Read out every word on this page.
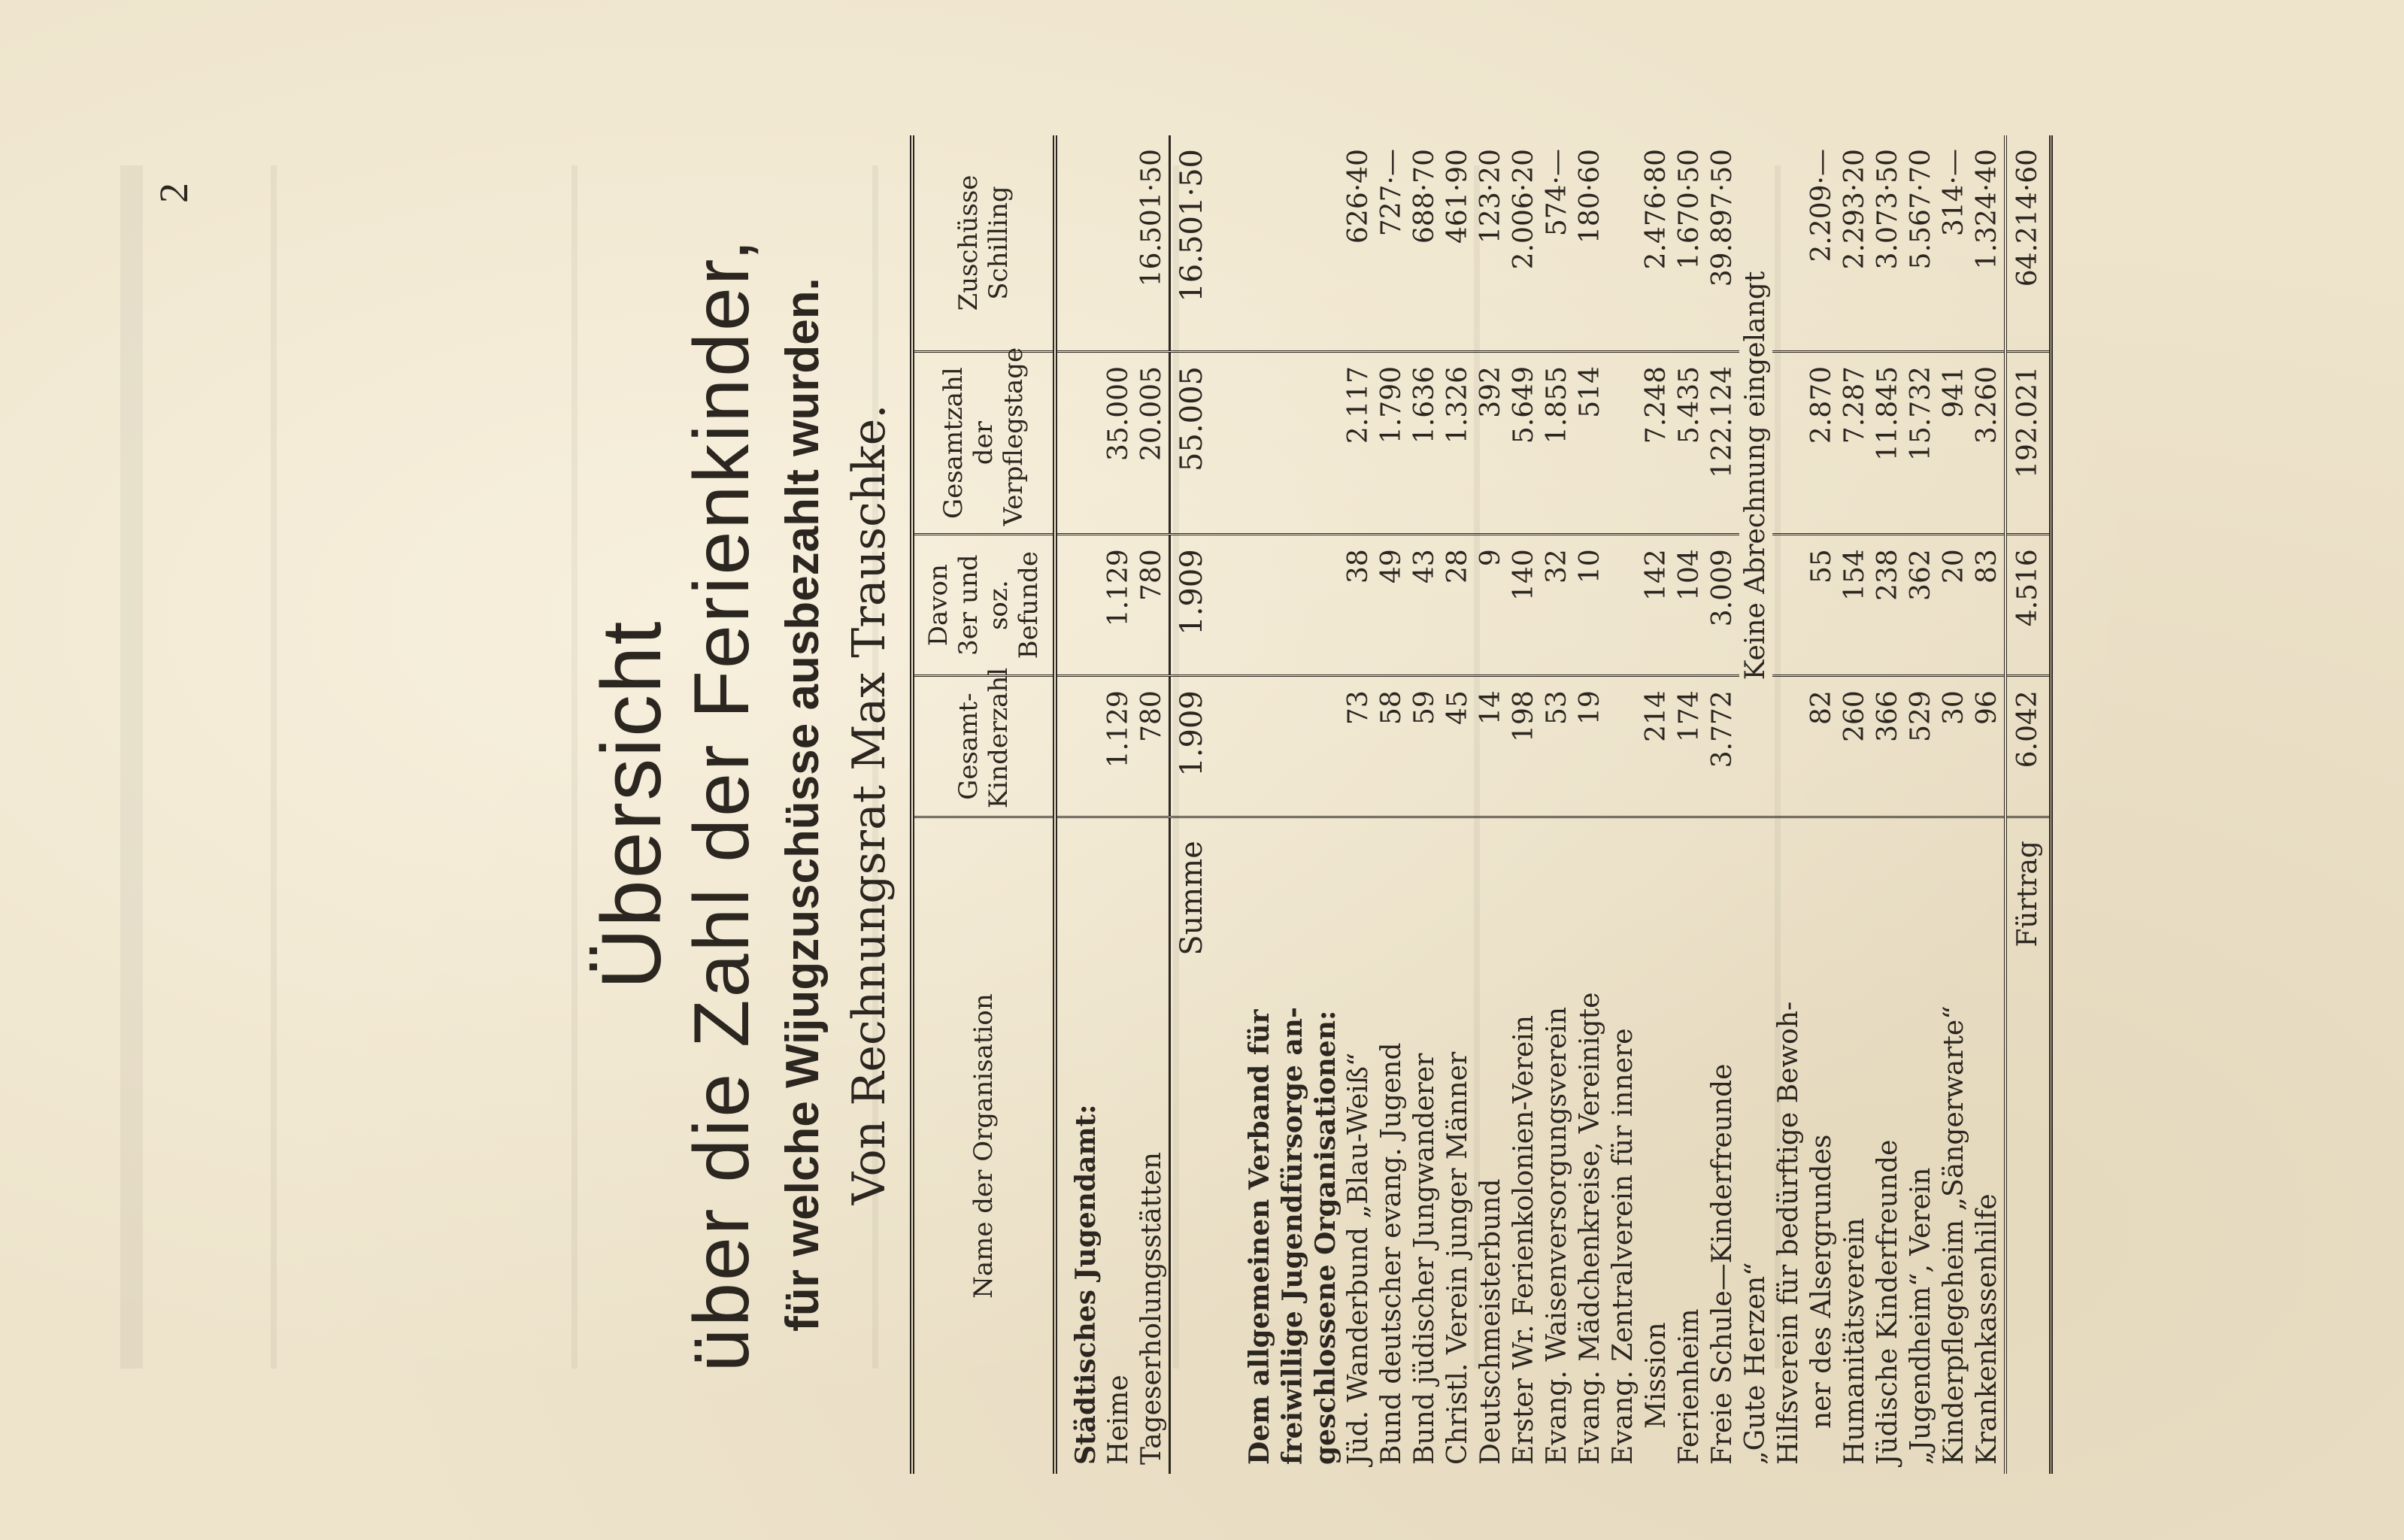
2
Übersicht über die Zahl der Ferienkinder, für welche Wijugzuschüsse ausbezahlt wurden. Von Rechnungsrat Max Trauschke.	Name der Organisation	Gesamt-Kinderzahl	Davon 3er und soz. Befunde	Gesamtzahl der Verpflegstage	Zuschüsse Schilling
Städtisches Jugendamt:				
Heime	1.129	1.129	35.000	
Tageserholungsstätten	780	780	20.005	16.501·50
Summe	1.909	1.909	55.005	16.501·50

Dem allgemeinen Verband für				
freiwillige Jugendfürsorge an-				
geschlossene Organisationen:				
Jüd. Wanderbund „Blau-Weiß“	73	38	2.117	626·40
Bund deutscher evang. Jugend	58	49	1.790	727·—
Bund jüdischer Jungwanderer	59	43	1.636	688·70
Christl. Verein junger Männer	45	28	1.326	461·90
Deutschmeisterbund	14	9	392	123·20
Erster Wr. Ferienkolonien-Verein	198	140	5.649	2.006·20
Evang. Waisenversorgungsverein	53	32	1.855	574·—
Evang. Mädchenkreise, Vereinigte	19	10	514	180·60
Evang. Zentralverein für innere				
Mission	214	142	7.248	2.476·80
Ferienheim	174	104	5.435	1.670·50
Freie Schule—Kinderfreunde	3.772	3.009	122.124	39.897·50
„Gute Herzen“	Keine Abrechnung eingelangt			
Hilfsverein für bedürftige Bewoh-				
ner des Alsergrundes	82	55	2.870	2.209·—
Humanitätsverein	260	154	7.287	2.293·20
Jüdische Kinderfreunde	366	238	11.845	3.073·50
„Jugendheim“, Verein	529	362	15.732	5.567·70
Kinderpflegeheim „Sängerwarte“	30	20	941	314·—
Krankenkassenhilfe	96	83	3.260	1.324·40
Fürtrag	6.042	4.516	192.021	64.214·60
